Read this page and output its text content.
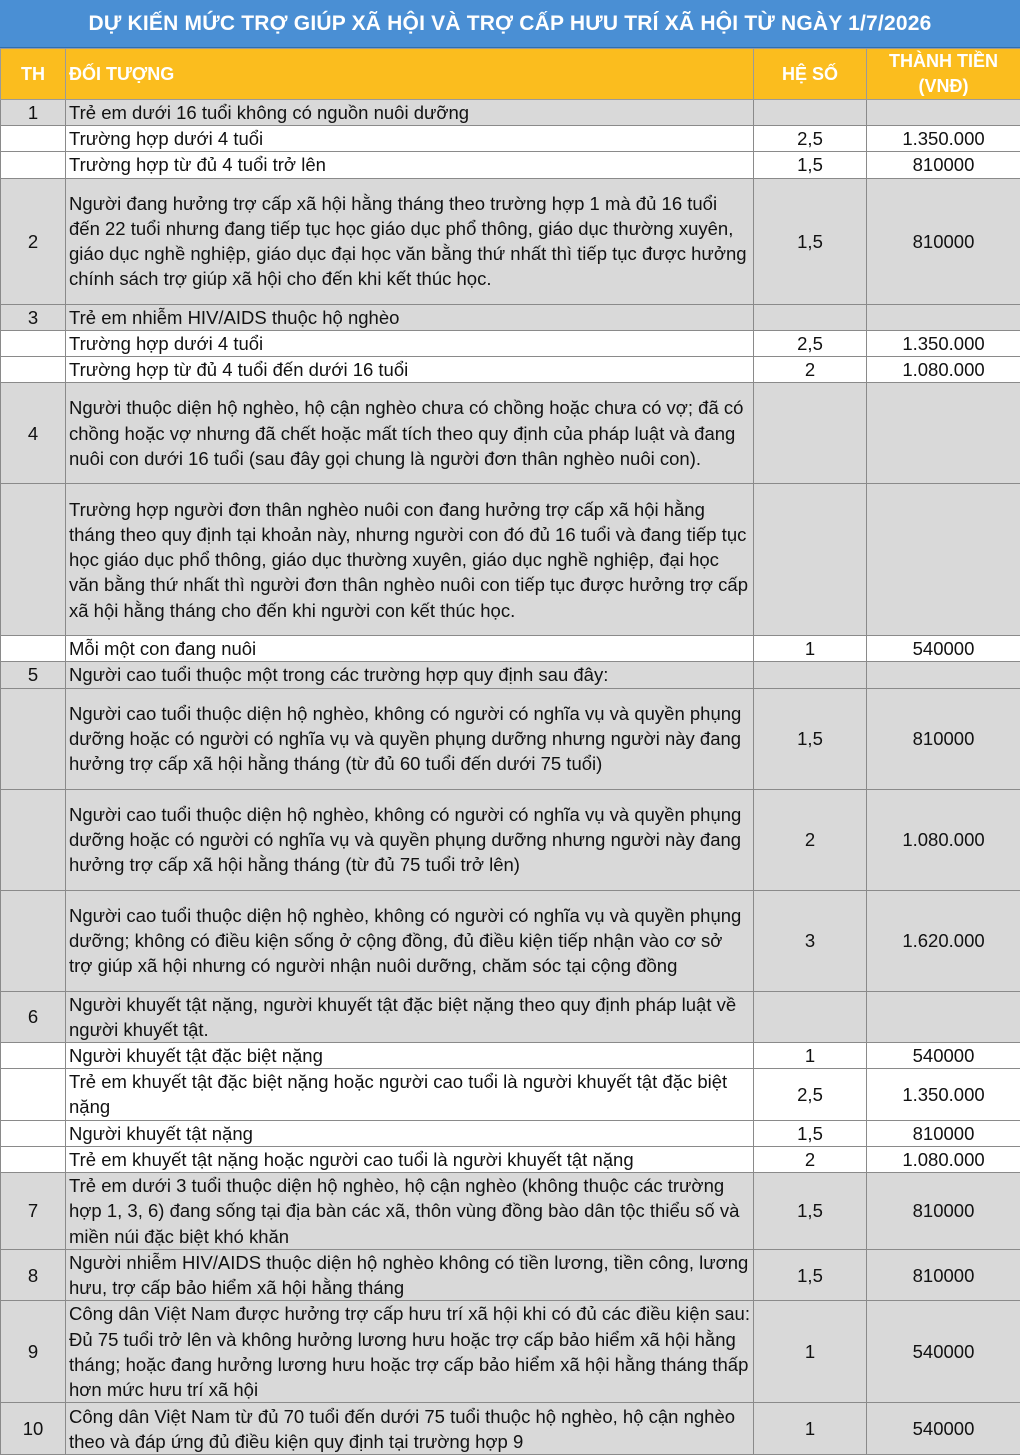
DỰ KIẾN MỨC TRỢ GIÚP XÃ HỘI VÀ TRỢ CẤP HƯU TRÍ XÃ HỘI TỪ NGÀY 1/7/2026
TH	ĐỐI TƯỢNG	HỆ SỐ	THÀNH TIỀN
(VNĐ)

1	Trẻ em dưới 16 tuổi không có nguồn nuôi dưỡng		
	Trường hợp dưới 4 tuổi	2,5	1.350.000
	Trường hợp từ đủ 4 tuổi trở lên	1,5	810000
2	Người đang hưởng trợ cấp xã hội hằng tháng theo trường hợp 1 mà đủ 16 tuổi đến 22 tuổi nhưng đang tiếp tục học giáo dục phổ thông, giáo dục thường xuyên, giáo dục nghề nghiệp, giáo dục đại học văn bằng thứ nhất thì tiếp tục được hưởng chính sách trợ giúp xã hội cho đến khi kết thúc học.	1,5	810000
3	Trẻ em nhiễm HIV/AIDS thuộc hộ nghèo		
	Trường hợp dưới 4 tuổi	2,5	1.350.000
	Trường hợp từ đủ 4 tuổi đến dưới 16 tuổi	2	1.080.000
4	Người thuộc diện hộ nghèo, hộ cận nghèo chưa có chồng hoặc chưa có vợ; đã có chồng hoặc vợ nhưng đã chết hoặc mất tích theo quy định của pháp luật và đang nuôi con dưới 16 tuổi (sau đây gọi chung là người đơn thân nghèo nuôi con).		
	Trường hợp người đơn thân nghèo nuôi con đang hưởng trợ cấp xã hội hằng tháng theo quy định tại khoản này, nhưng người con đó đủ 16 tuổi và đang tiếp tục học giáo dục phổ thông, giáo dục thường xuyên, giáo dục nghề nghiệp, đại học văn bằng thứ nhất thì người đơn thân nghèo nuôi con tiếp tục được hưởng trợ cấp xã hội hằng tháng cho đến khi người con kết thúc học.		
	Mỗi một con đang nuôi	1	540000
5	Người cao tuổi thuộc một trong các trường hợp quy định sau đây:		
	Người cao tuổi thuộc diện hộ nghèo, không có người có nghĩa vụ và quyền phụng dưỡng hoặc có người có nghĩa vụ và quyền phụng dưỡng nhưng người này đang hưởng trợ cấp xã hội hằng tháng (từ đủ 60 tuổi đến dưới 75 tuổi)	1,5	810000
	Người cao tuổi thuộc diện hộ nghèo, không có người có nghĩa vụ và quyền phụng dưỡng hoặc có người có nghĩa vụ và quyền phụng dưỡng nhưng người này đang hưởng trợ cấp xã hội hằng tháng (từ đủ 75 tuổi trở lên)	2	1.080.000
	Người cao tuổi thuộc diện hộ nghèo, không có người có nghĩa vụ và quyền phụng dưỡng; không có điều kiện sống ở cộng đồng, đủ điều kiện tiếp nhận vào cơ sở trợ giúp xã hội nhưng có người nhận nuôi dưỡng, chăm sóc tại cộng đồng	3	1.620.000
6	Người khuyết tật nặng, người khuyết tật đặc biệt nặng theo quy định pháp luật về người khuyết tật.		
	Người khuyết tật đặc biệt nặng	1	540000
	Trẻ em khuyết tật đặc biệt nặng hoặc người cao tuổi là người khuyết tật đặc biệt nặng	2,5	1.350.000
	Người khuyết tật nặng	1,5	810000
	Trẻ em khuyết tật nặng hoặc người cao tuổi là người khuyết tật nặng	2	1.080.000
7	Trẻ em dưới 3 tuổi thuộc diện hộ nghèo, hộ cận nghèo (không thuộc các trường hợp 1, 3, 6) đang sống tại địa bàn các xã, thôn vùng đồng bào dân tộc thiểu số và miền núi đặc biệt khó khăn	1,5	810000
8	Người nhiễm HIV/AIDS thuộc diện hộ nghèo không có tiền lương, tiền công, lương hưu, trợ cấp bảo hiểm xã hội hằng tháng	1,5	810000
9	Công dân Việt Nam được hưởng trợ cấp hưu trí xã hội khi có đủ các điều kiện sau: Đủ 75 tuổi trở lên và không hưởng lương hưu hoặc trợ cấp bảo hiểm xã hội hằng tháng; hoặc đang hưởng lương hưu hoặc trợ cấp bảo hiểm xã hội hằng tháng thấp hơn mức hưu trí xã hội	1	540000
10	Công dân Việt Nam từ đủ 70 tuổi đến dưới 75 tuổi thuộc hộ nghèo, hộ cận nghèo theo và đáp ứng đủ điều kiện quy định tại trường hợp 9	1	540000
